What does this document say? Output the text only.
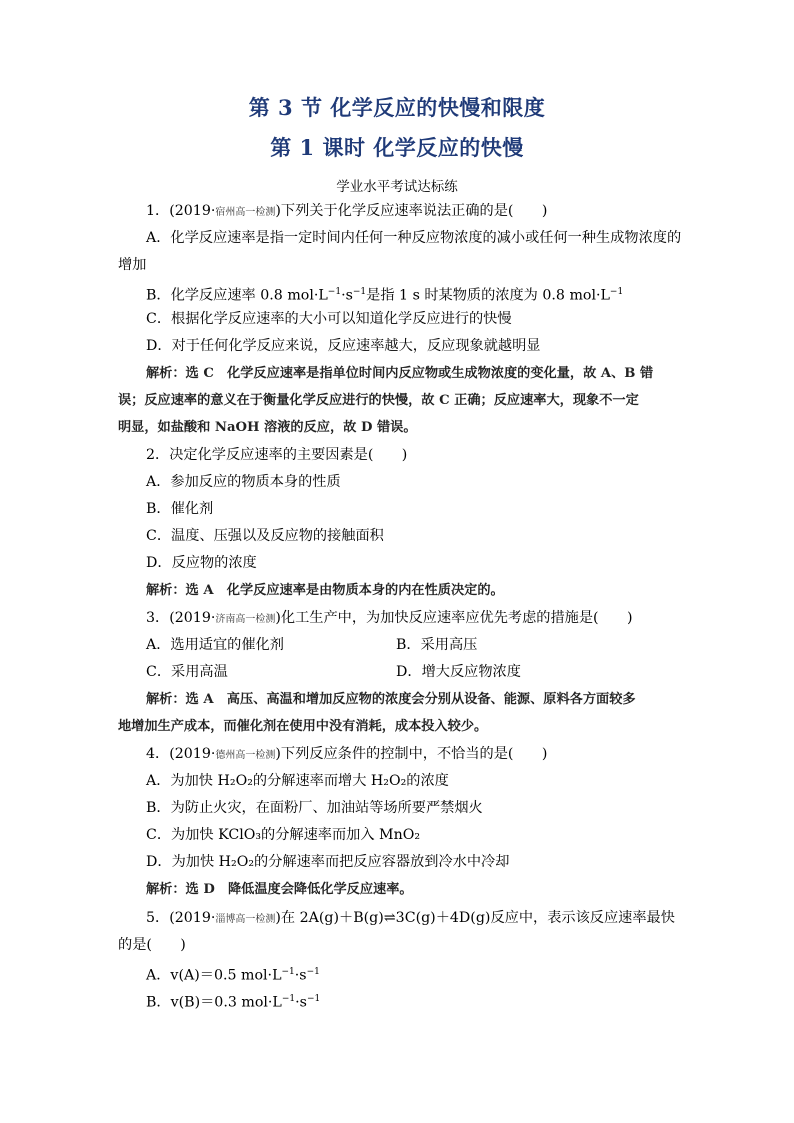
第 3 节 化学反应的快慢和限度
第 1 课时 化学反应的快慢
学业水平考试达标练
1．(2019·宿州高一检测)下列关于化学反应速率说法正确的是(　　)
A．化学反应速率是指一定时间内任何一种反应物浓度的减小或任何一种生成物浓度的
增加
B．化学反应速率 0.8 $mol\cdot L^{-1}\cdot s^{-1}$是指 1 s 时某物质的浓度为 0.8 $mol\cdot L^{-1}$
C．根据化学反应速率的大小可以知道化学反应进行的快慢
D．对于任何化学反应来说，反应速率越大，反应现象就越明显
解析：选 C　化学反应速率是指单位时间内反应物或生成物浓度的变化量，故 A、B 错
误；反应速率的意义在于衡量化学反应进行的快慢，故 C 正确；反应速率大，现象不一定
明显，如盐酸和 NaOH 溶液的反应，故 D 错误。
2．决定化学反应速率的主要因素是(　　)
A．参加反应的物质本身的性质
B．催化剂
C．温度、压强以及反应物的接触面积
D．反应物的浓度
解析：选 A　化学反应速率是由物质本身的内在性质决定的。
3．(2019·济南高一检测)化工生产中，为加快反应速率应优先考虑的措施是(　　)
A．选用适宜的催化剂	B．采用高压
C．采用高温	D．增大反应物浓度
解析：选 A　高压、高温和增加反应物的浓度会分别从设备、能源、原料各方面较多
地增加生产成本，而催化剂在使用中没有消耗，成本投入较少。
4．(2019·德州高一检测)下列反应条件的控制中，不恰当的是(　　)
A．为加快 H₂O₂的分解速率而增大 H₂O₂的浓度
B．为防止火灾，在面粉厂、加油站等场所要严禁烟火
C．为加快 KClO₃的分解速率而加入 MnO₂
D．为加快 H₂O₂的分解速率而把反应容器放到冷水中冷却
解析：选 D　降低温度会降低化学反应速率。
5．(2019·淄博高一检测)在 2A(g)＋B(g)⇌3C(g)＋4D(g)反应中，表示该反应速率最快
的是(　　)
A．v(A)＝0.5 $mol\cdot L^{-1}\cdot s^{-1}$
B．v(B)＝0.3 $mol\cdot L^{-1}\cdot s^{-1}$
